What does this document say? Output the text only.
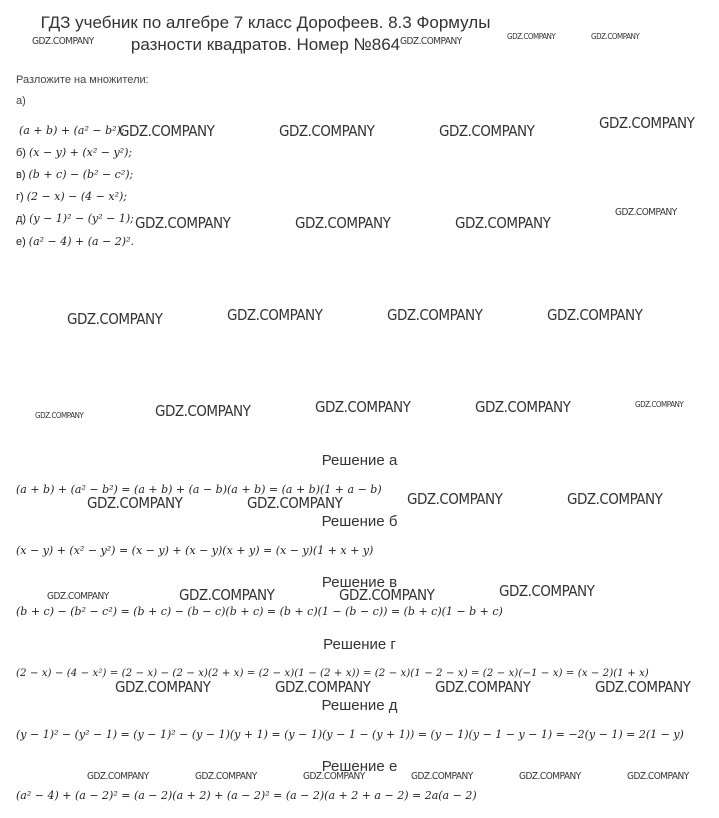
ГДЗ учебник по алгебре 7 класс Дорофеев. 8.3 Формулы
разности квадратов. Номер №864
Разложите на множители:
а)
(a + b) + (a² − b²);
б) (x − y) + (x² − y²);
в) (b + c) − (b² − c²);
г) (2 − x) − (4 − x²);
д) (y − 1)² − (y² − 1);
е) (a² − 4) + (a − 2)².
Решение а
(a + b) + (a² − b²) = (a + b) + (a − b)(a + b) = (a + b)(1 + a − b)
Решение б
(x − y) + (x² − y²) = (x − y) + (x − y)(x + y) = (x − y)(1 + x + y)
Решение в
(b + c) − (b² − c²) = (b + c) − (b − c)(b + c) = (b + c)(1 − (b − c)) = (b + c)(1 − b + c)
Решение г
(2 − x) − (4 − x²) = (2 − x) − (2 − x)(2 + x) = (2 − x)(1 − (2 + x)) = (2 − x)(1 − 2 − x) = (2 − x)(−1 − x) = (x − 2)(1 + x)
Решение д
(y − 1)² − (y² − 1) = (y − 1)² − (y − 1)(y + 1) = (y − 1)(y − 1 − (y + 1)) = (y − 1)(y − 1 − y − 1) = −2(y − 1) = 2(1 − y)
Решение е
(a² − 4) + (a − 2)² = (a − 2)(a + 2) + (a − 2)² = (a − 2)(a + 2 + a − 2) = 2a(a − 2)
GDZ.COMPANY	GDZ.COMPANY	GDZ.COMPANY	GDZ.COMPANY
GDZ.COMPANY	GDZ.COMPANY	GDZ.COMPANY	GDZ.COMPANY
GDZ.COMPANY	GDZ.COMPANY	GDZ.COMPANY
GDZ.COMPANY
GDZ.COMPANY	GDZ.COMPANY	GDZ.COMPANY	GDZ.COMPANY
GDZ.COMPANY	GDZ.COMPANY	GDZ.COMPANY	GDZ.COMPANY	GDZ.COMPANY
GDZ.COMPANY	GDZ.COMPANY	GDZ.COMPANY	GDZ.COMPANY
GDZ.COMPANY	GDZ.COMPANY	GDZ.COMPANY	GDZ.COMPANY
GDZ.COMPANY	GDZ.COMPANY	GDZ.COMPANY	GDZ.COMPANY
GDZ.COMPANY	GDZ.COMPANY	GDZ.COMPANY	GDZ.COMPANY	GDZ.COMPANY	GDZ.COMPANY
